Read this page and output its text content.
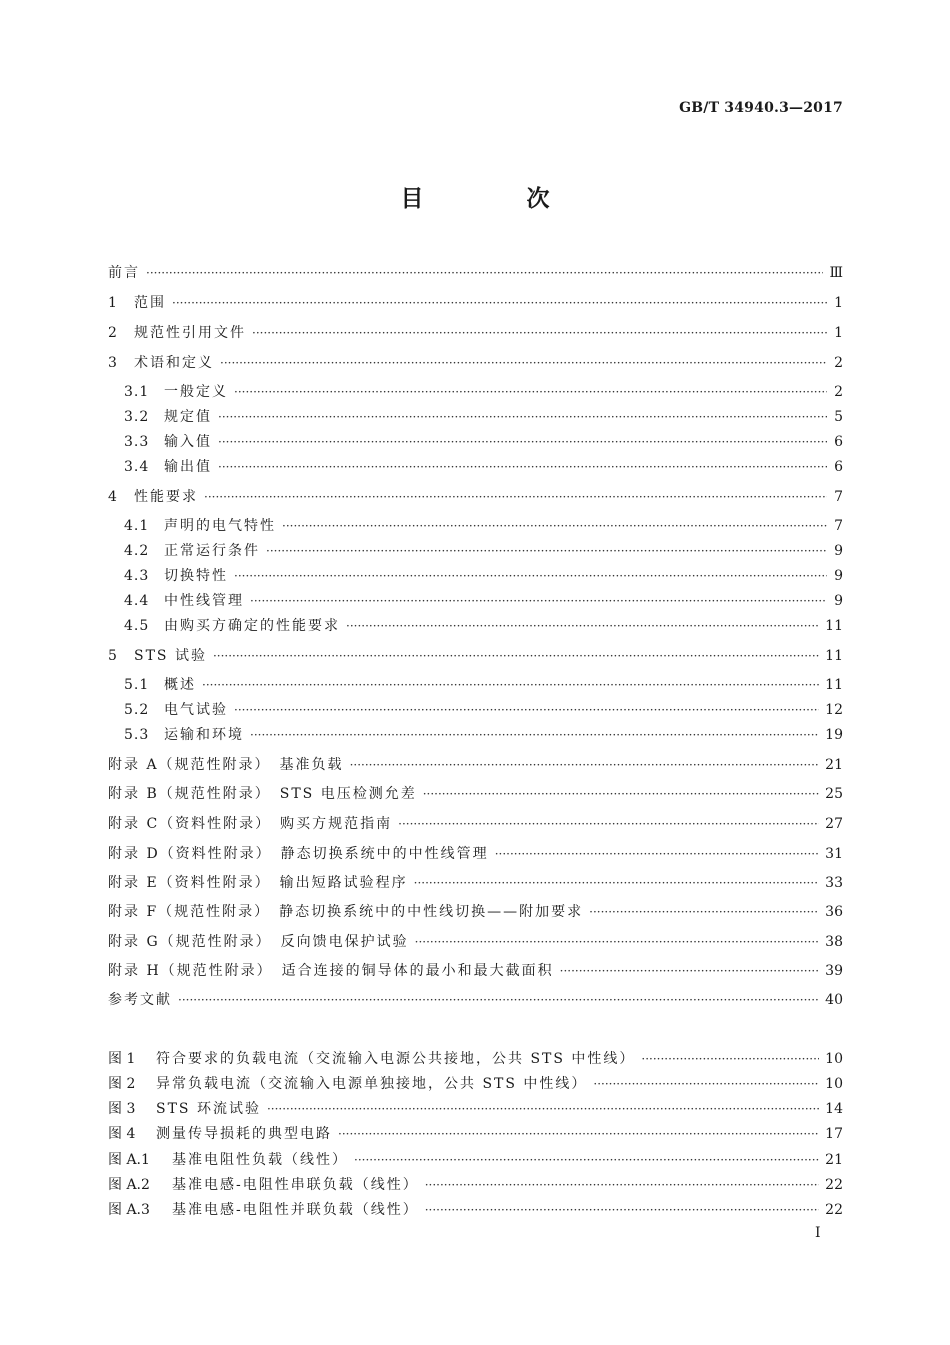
GB/T 34940.3—2017
目　次
前言 ·····	Ⅲ
1	范围 ·····	1
2	规范性引用文件 ·····	1
3	术语和定义 ·····	2
3.1	一般定义 ·····	2
3.2	规定值 ·····	5
3.3	输入值 ·····	6
3.4	输出值 ·····	6
4	性能要求 ·····	7
4.1	声明的电气特性 ·····	7
4.2	正常运行条件 ·····	9
4.3	切换特性 ·····	9
4.4	中性线管理 ·····	9
4.5	由购买方确定的性能要求 ·····	11
5	STS 试验 ·····	11
5.1	概述 ·····	11
5.2	电气试验 ·····	12
5.3	运输和环境 ·····	19
附录 A（规范性附录）　基准负载 ·····	21
附录 B（规范性附录）　STS 电压检测允差 ·····	25
附录 C（资料性附录）　购买方规范指南 ·····	27
附录 D（资料性附录）　静态切换系统中的中性线管理 ·····	31
附录 E（资料性附录）　输出短路试验程序 ·····	33
附录 F（规范性附录）　静态切换系统中的中性线切换——附加要求 ·····	36
附录 G（规范性附录）　反向馈电保护试验 ·····	38
附录 H（规范性附录）　适合连接的铜导体的最小和最大截面积 ·····	39
参考文献 ·····	40
图 1	符合要求的负载电流（交流输入电源公共接地，公共 STS 中性线） ·····	10
图 2	异常负载电流（交流输入电源单独接地，公共 STS 中性线） ·····	10
图 3	STS 环流试验 ·····	14
图 4	测量传导损耗的典型电路 ·····	17
图 A.1	基准电阻性负载（线性） ·····	21
图 A.2	基准电感-电阻性串联负载（线性） ·····	22
图 A.3	基准电感-电阻性并联负载（线性） ·····	22
I
